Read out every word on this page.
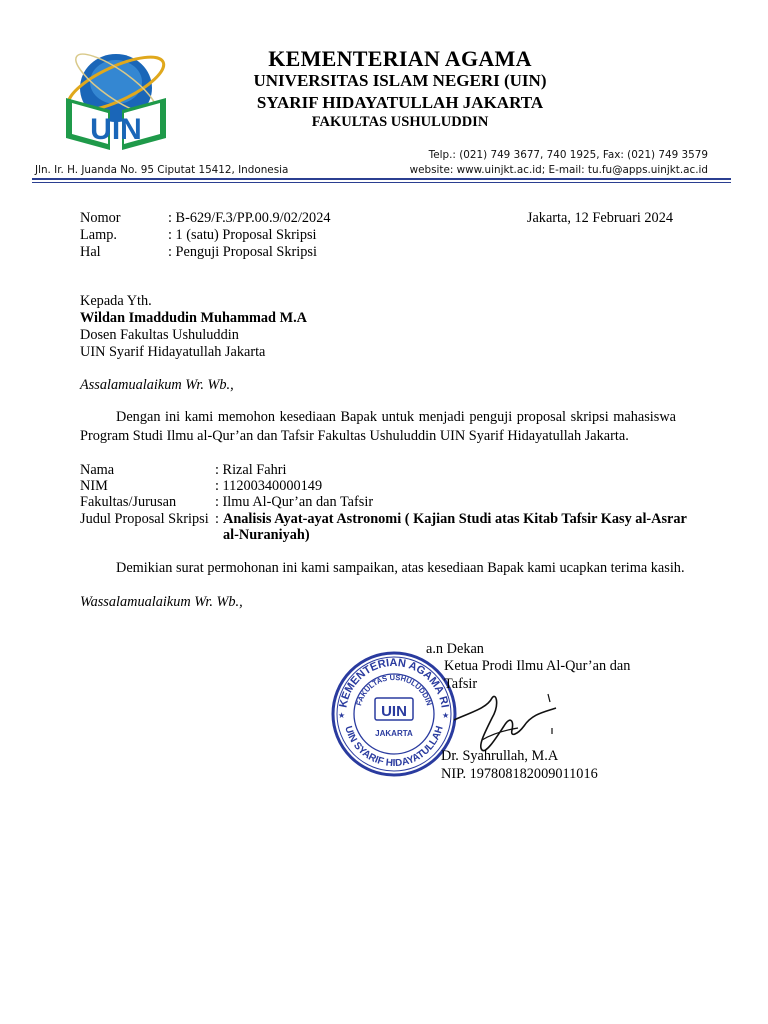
UIN
KEMENTERIAN AGAMA
UNIVERSITAS ISLAM NEGERI (UIN)
SYARIF HIDAYATULLAH JAKARTA
FAKULTAS USHULUDDIN
Telp.: (021) 749 3677, 740 1925, Fax: (021) 749 3579
Jln. Ir. H. Juanda No. 95 Ciputat 15412, Indonesia	website: www.uinjkt.ac.id; E-mail: tu.fu@apps.uinjkt.ac.id
Nomor	: B-629/F.3/PP.00.9/02/2024	Jakarta, 12 Februari 2024
Lamp.	: 1 (satu) Proposal Skripsi
Hal	: Penguji Proposal Skripsi
Kepada Yth.
Wildan Imaddudin Muhammad M.A
Dosen Fakultas Ushuluddin
UIN Syarif Hidayatullah Jakarta
Assalamualaikum Wr. Wb.,
Dengan ini kami memohon kesediaan Bapak untuk menjadi penguji proposal skripsi mahasiswa Program Studi Ilmu al-Qur’an dan Tafsir Fakultas Ushuluddin UIN Syarif Hidayatullah Jakarta.
Nama	: Rizal Fahri
NIM	: 11200340000149
Fakultas/Jurusan	: Ilmu Al-Qur’an dan Tafsir
Judul Proposal Skripsi : Analisis Ayat-ayat Astronomi ( Kajian Studi atas Kitab Tafsir Kasy al-Asrar
al-Nuraniyah)
Demikian surat permohonan ini kami sampaikan, atas kesediaan Bapak kami ucapkan terima kasih.
Wassalamualaikum Wr. Wb.,
KEMENTERIAN AGAMA RI
FAKULTAS USHULUDDIN
UIN SYARIF HIDAYATULLAH
UIN
JAKARTA
★	★
a.n Dekan
Ketua Prodi Ilmu Al-Qur’an dan
Tafsir
Dr. Syahrullah, M.A
NIP. 197808182009011016
